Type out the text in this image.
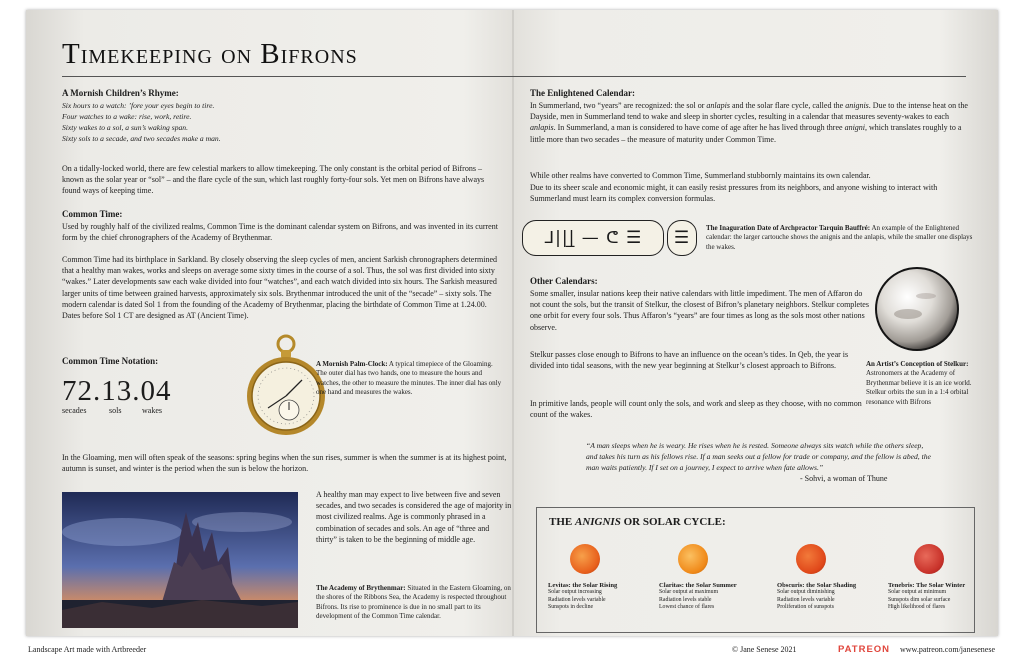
Timekeeping on Bifrons
A Mornish Children’s Rhyme:
Six hours to a watch: ’fore your eyes begin to tire.
Four watches to a wake: rise, work, retire.
Sixty wakes to a sol, a sun’s waking span.
Sixty sols to a secade, and two secades make a man.
On a tidally-locked world, there are few celestial markers to allow timekeeping. The only constant is the orbital period of Bifrons – known as the solar year or “sol” – and the flare cycle of the sun, which last roughly forty-four sols. Yet men on Bifrons have always found ways of keeping time.
Common Time:
Used by roughly half of the civilized realms, Common Time is the dominant calendar system on Bifrons, and was invented in its current form by the chief chronographers of the Academy of Brythenmar.
Common Time had its birthplace in Sarkland. By closely observing the sleep cycles of men, ancient Sarkish chronographers determined that a healthy man wakes, works and sleeps on average some sixty times in the course of a sol. Thus, the sol was first divided into sixty “wakes.” Later developments saw each wake divided into four “watches”, and each watch divided into six hours. The Sarkish measured larger units of time between grained harvests, approximately six sols. Brythenmar introduced the unit of the “secade” – sixty sols. The modern calendar is dated Sol 1 from the founding of the Academy of Brythenmar, placing the birthdate of Common Time at 1.24.00. Dates before Sol 1 CT are designed as AT (Ancient Time).
Common Time Notation:
72.13.04
secades	sols	wakes
A Mornish Palm-Clock: A typical timepiece of the Gloaming. The outer dial has two hands, one to measure the hours and watches, the other to measure the minutes. The inner dial has only one hand and measures the wakes.
In the Gloaming, men will often speak of the seasons: spring begins when the sun rises, summer is when the summer is at its highest point, autumn is sunset, and winter is the period when the sun is below the horizon.
A healthy man may expect to live between five and seven secades, and two secades is considered the age of majority in most civilized realms. Age is commonly phrased in a combination of secades and sols. An age of “three and thirty” is taken to be the beginning of middle age.
The Academy of Brythenmar: Situated in the Eastern Gloaming, on the shores of the Ribbons Sea, the Academy is respected throughout Bifrons. Its rise to prominence is due in no small part to its development of the Common Time calendar.
The Enlightened Calendar:
In Summerland, two “years” are recognized: the sol or anlapis and the solar flare cycle, called the anignis. Due to the intense heat on the Dayside, men in Summerland tend to wake and sleep in shorter cycles, resulting in a calendar that measures seventy-wakes to each anlapis. In Summerland, a man is considered to have come of age after he has lived through three anigni, which translates roughly to a little more than two secades – the measure of maturity under Common Time.
While other realms have converted to Common Time, Summerland stubbornly maintains its own calendar.
Due to its sheer scale and economic might, it can easily resist pressures from its neighbors, and anyone wishing to interact with Summerland must learn its complex conversion formulas.
ᒧ|||̲ — ᕦ ☰ ☰ The Inaguration Date of Archpractor Tarquin Bauffré: An example of the Enlightened calendar: the larger cartouche shows the anignis and the anlapis, while the smaller one displays the wakes.
Other Calendars:
Some smaller, insular nations keep their native calendars with little impediment. The men of Affaron do not count the sols, but the transit of Stelkur, the closest of Bifron’s planetary neighbors. Stelkur completes one orbit for every four sols. Thus Affaron’s “years” are four times as long as the sols most other nations observe.
Stelkur passes close enough to Bifrons to have an influence on the ocean’s tides. In Qeb, the year is divided into tidal seasons, with the new year beginning at Stelkur’s closest approach to Bifrons.
In primitive lands, people will count only the sols, and work and sleep as they choose, with no common count of the wakes.
An Artist’s Conception of Stelkur:
Astronomers at the Academy of Brythenmar believe it is an ice world. Stelkur orbits the sun in a 1:4 orbital resonance with Bifrons
“A man sleeps when he is weary. He rises when he is rested. Someone always sits watch while the others sleep, and takes his turn as his fellows rise. If a man seeks out a fellow for trade or company, and the fellow is abed, the man waits patiently. If I set on a journey, I expect to arrive when fate allows.”
- Sohvi, a woman of Thune
THE ANIGNIS OR SOLAR CYCLE:
Levitas: the Solar Rising
Solar output increasing
Radiation levels variable
Sunspots in decline
Claritas: the Solar Summer
Solar output at maximum
Radiation levels stable
Lowest chance of flares
Obscuris: the Solar Shading
Solar output diminishing
Radiation levels variable
Proliferation of sunspots
Tenebris: The Solar Winter
Solar output at minimum
Sunspots dim solar surface
High likelihood of flares
Landscape Art made with Artbreeder	© Jane Senese 2021	PATREON www.patreon.com/janesenese
